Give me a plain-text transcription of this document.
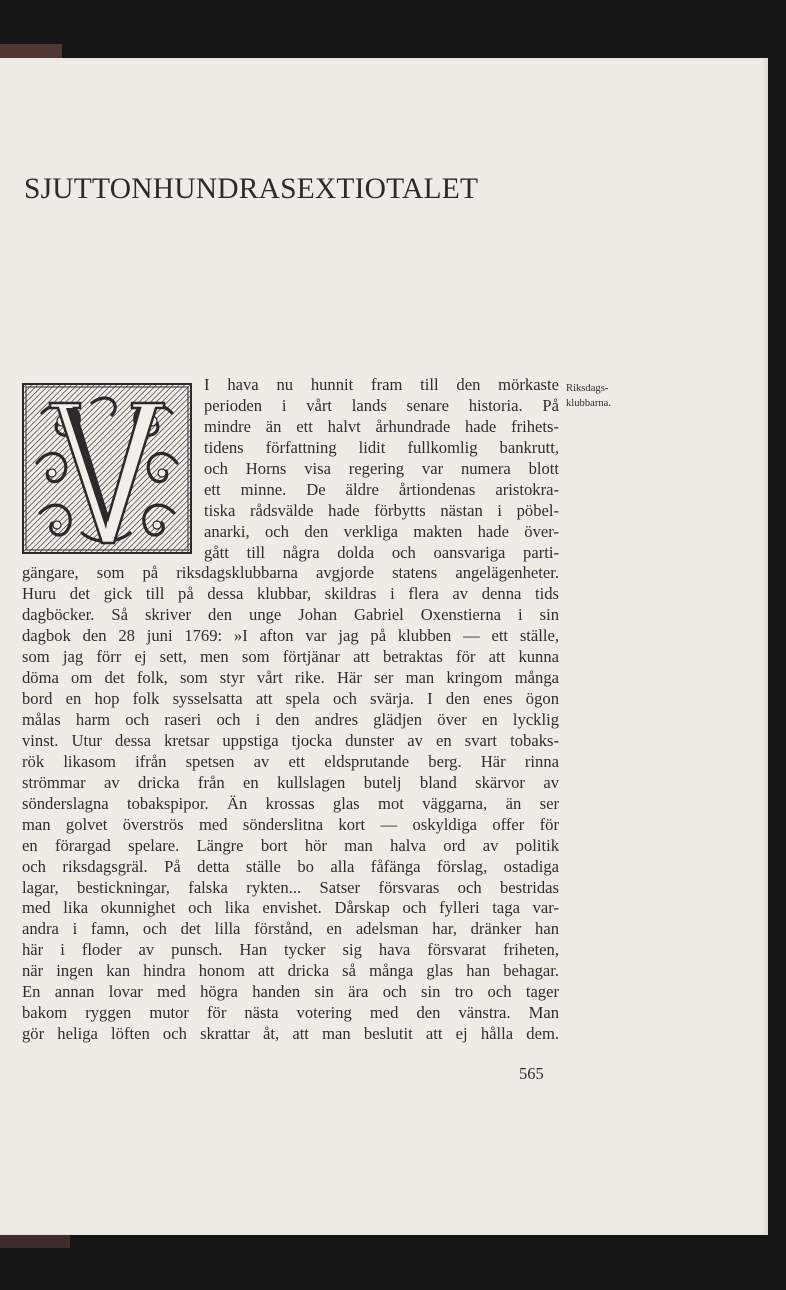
SJUTTONHUNDRASEXTIOTALET
I hava nu hunnit fram till den mörkaste
perioden i vårt lands senare historia. På
mindre än ett halvt århundrade hade frihets-
tidens författning lidit fullkomlig bankrutt,
och Horns visa regering var numera blott
ett minne. De äldre årtiondenas aristokra-
tiska rådsvälde hade förbytts nästan i pöbel-
anarki, och den verkliga makten hade över-
gått till några dolda och oansvariga parti-
gängare, som på riksdagsklubbarna avgjorde statens angelägenheter.
Huru det gick till på dessa klubbar, skildras i flera av denna tids
dagböcker. Så skriver den unge Johan Gabriel Oxenstierna i sin
dagbok den 28 juni 1769: »I afton var jag på klubben — ett ställe,
som jag förr ej sett, men som förtjänar att betraktas för att kunna
döma om det folk, som styr vårt rike. Här ser man kringom många
bord en hop folk sysselsatta att spela och svärja. I den enes ögon
målas harm och raseri och i den andres glädjen över en lycklig
vinst. Utur dessa kretsar uppstiga tjocka dunster av en svart tobaks-
rök likasom ifrån spetsen av ett eldsprutande berg. Här rinna
strömmar av dricka från en kullslagen butelj bland skärvor av
sönderslagna tobakspipor. Än krossas glas mot väggarna, än ser
man golvet överströs med sönderslitna kort — oskyldiga offer för
en förargad spelare. Längre bort hör man halva ord av politik
och riksdagsgräl. På detta ställe bo alla fåfänga förslag, ostadiga
lagar, bestickningar, falska rykten... Satser försvaras och bestridas
med lika okunnighet och lika envishet. Dårskap och fylleri taga var-
andra i famn, och det lilla förstånd, en adelsman har, dränker han
här i floder av punsch. Han tycker sig hava försvarat friheten,
när ingen kan hindra honom att dricka så många glas han behagar.
En annan lovar med högra handen sin ära och sin tro och tager
bakom ryggen mutor för nästa votering med den vänstra. Man
gör heliga löften och skrattar åt, att man beslutit att ej hålla dem.
Riksdags-
klubbarna.
565
